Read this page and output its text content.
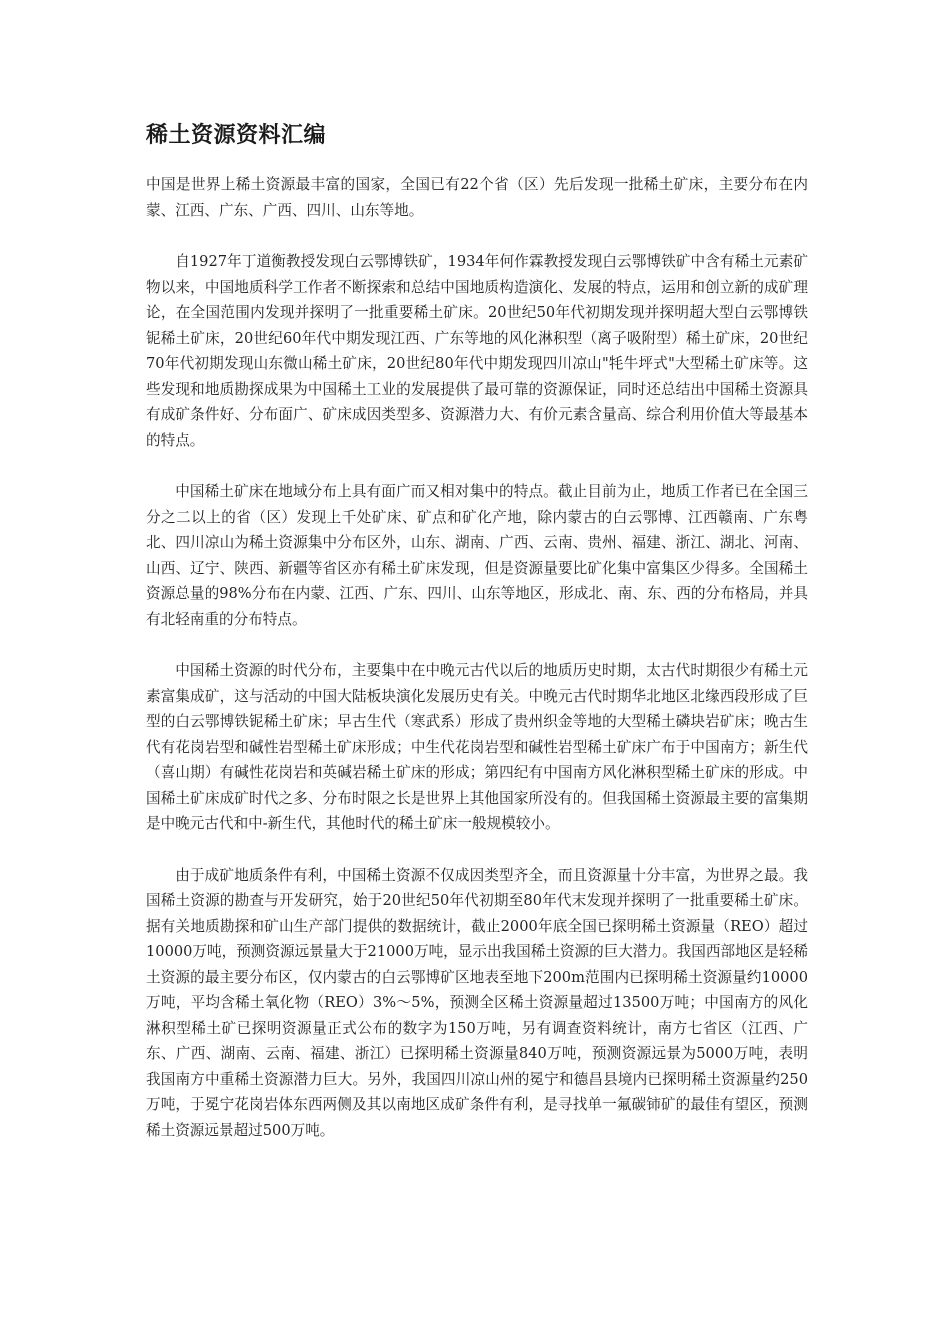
稀土资源资料汇编

中国是世界上稀土资源最丰富的国家，全国已有22个省（区）先后发现一批稀土矿床，主要分布在内蒙、江西、广东、广西、四川、山东等地。

自1927年丁道衡教授发现白云鄂博铁矿，1934年何作霖教授发现白云鄂博铁矿中含有稀土元素矿物以来，中国地质科学工作者不断探索和总结中国地质构造演化、发展的特点，运用和创立新的成矿理论，在全国范围内发现并探明了一批重要稀土矿床。20世纪50年代初期发现并探明超大型白云鄂博铁铌稀土矿床，20世纪60年代中期发现江西、广东等地的风化淋积型（离子吸附型）稀土矿床，20世纪70年代初期发现山东微山稀土矿床，20世纪80年代中期发现四川凉山"牦牛坪式"大型稀土矿床等。这些发现和地质勘探成果为中国稀土工业的发展提供了最可靠的资源保证，同时还总结出中国稀土资源具有成矿条件好、分布面广、矿床成因类型多、资源潜力大、有价元素含量高、综合利用价值大等最基本的特点。

中国稀土矿床在地域分布上具有面广而又相对集中的特点。截止目前为止，地质工作者已在全国三分之二以上的省（区）发现上千处矿床、矿点和矿化产地，除内蒙古的白云鄂博、江西赣南、广东粤北、四川凉山为稀土资源集中分布区外，山东、湖南、广西、云南、贵州、福建、浙江、湖北、河南、山西、辽宁、陕西、新疆等省区亦有稀土矿床发现，但是资源量要比矿化集中富集区少得多。全国稀土资源总量的98%分布在内蒙、江西、广东、四川、山东等地区，形成北、南、东、西的分布格局，并具有北轻南重的分布特点。

中国稀土资源的时代分布，主要集中在中晚元古代以后的地质历史时期，太古代时期很少有稀土元素富集成矿，这与活动的中国大陆板块演化发展历史有关。中晚元古代时期华北地区北缘西段形成了巨型的白云鄂博铁铌稀土矿床；早古生代（寒武系）形成了贵州织金等地的大型稀土磷块岩矿床；晚古生代有花岗岩型和碱性岩型稀土矿床形成；中生代花岗岩型和碱性岩型稀土矿床广布于中国南方；新生代（喜山期）有碱性花岗岩和英碱岩稀土矿床的形成；第四纪有中国南方风化淋积型稀土矿床的形成。中国稀土矿床成矿时代之多、分布时限之长是世界上其他国家所没有的。但我国稀土资源最主要的富集期是中晚元古代和中-新生代，其他时代的稀土矿床一般规模较小。

由于成矿地质条件有利，中国稀土资源不仅成因类型齐全，而且资源量十分丰富，为世界之最。我国稀土资源的勘查与开发研究，始于20世纪50年代初期至80年代末发现并探明了一批重要稀土矿床。据有关地质勘探和矿山生产部门提供的数据统计，截止2000年底全国已探明稀土资源量（REO）超过10000万吨，预测资源远景量大于21000万吨，显示出我国稀土资源的巨大潜力。我国西部地区是轻稀土资源的最主要分布区，仅内蒙古的白云鄂博矿区地表至地下200m范围内已探明稀土资源量约10000万吨，平均含稀土氧化物（REO）3%～5%，预测全区稀土资源量超过13500万吨；中国南方的风化淋积型稀土矿已探明资源量正式公布的数字为150万吨，另有调查资料统计，南方七省区（江西、广东、广西、湖南、云南、福建、浙江）已探明稀土资源量840万吨，预测资源远景为5000万吨，表明我国南方中重稀土资源潜力巨大。另外，我国四川凉山州的冕宁和德昌县境内已探明稀土资源量约250万吨，于冕宁花岗岩体东西两侧及其以南地区成矿条件有利，是寻找单一氟碳铈矿的最佳有望区，预测稀土资源远景超过500万吨。
